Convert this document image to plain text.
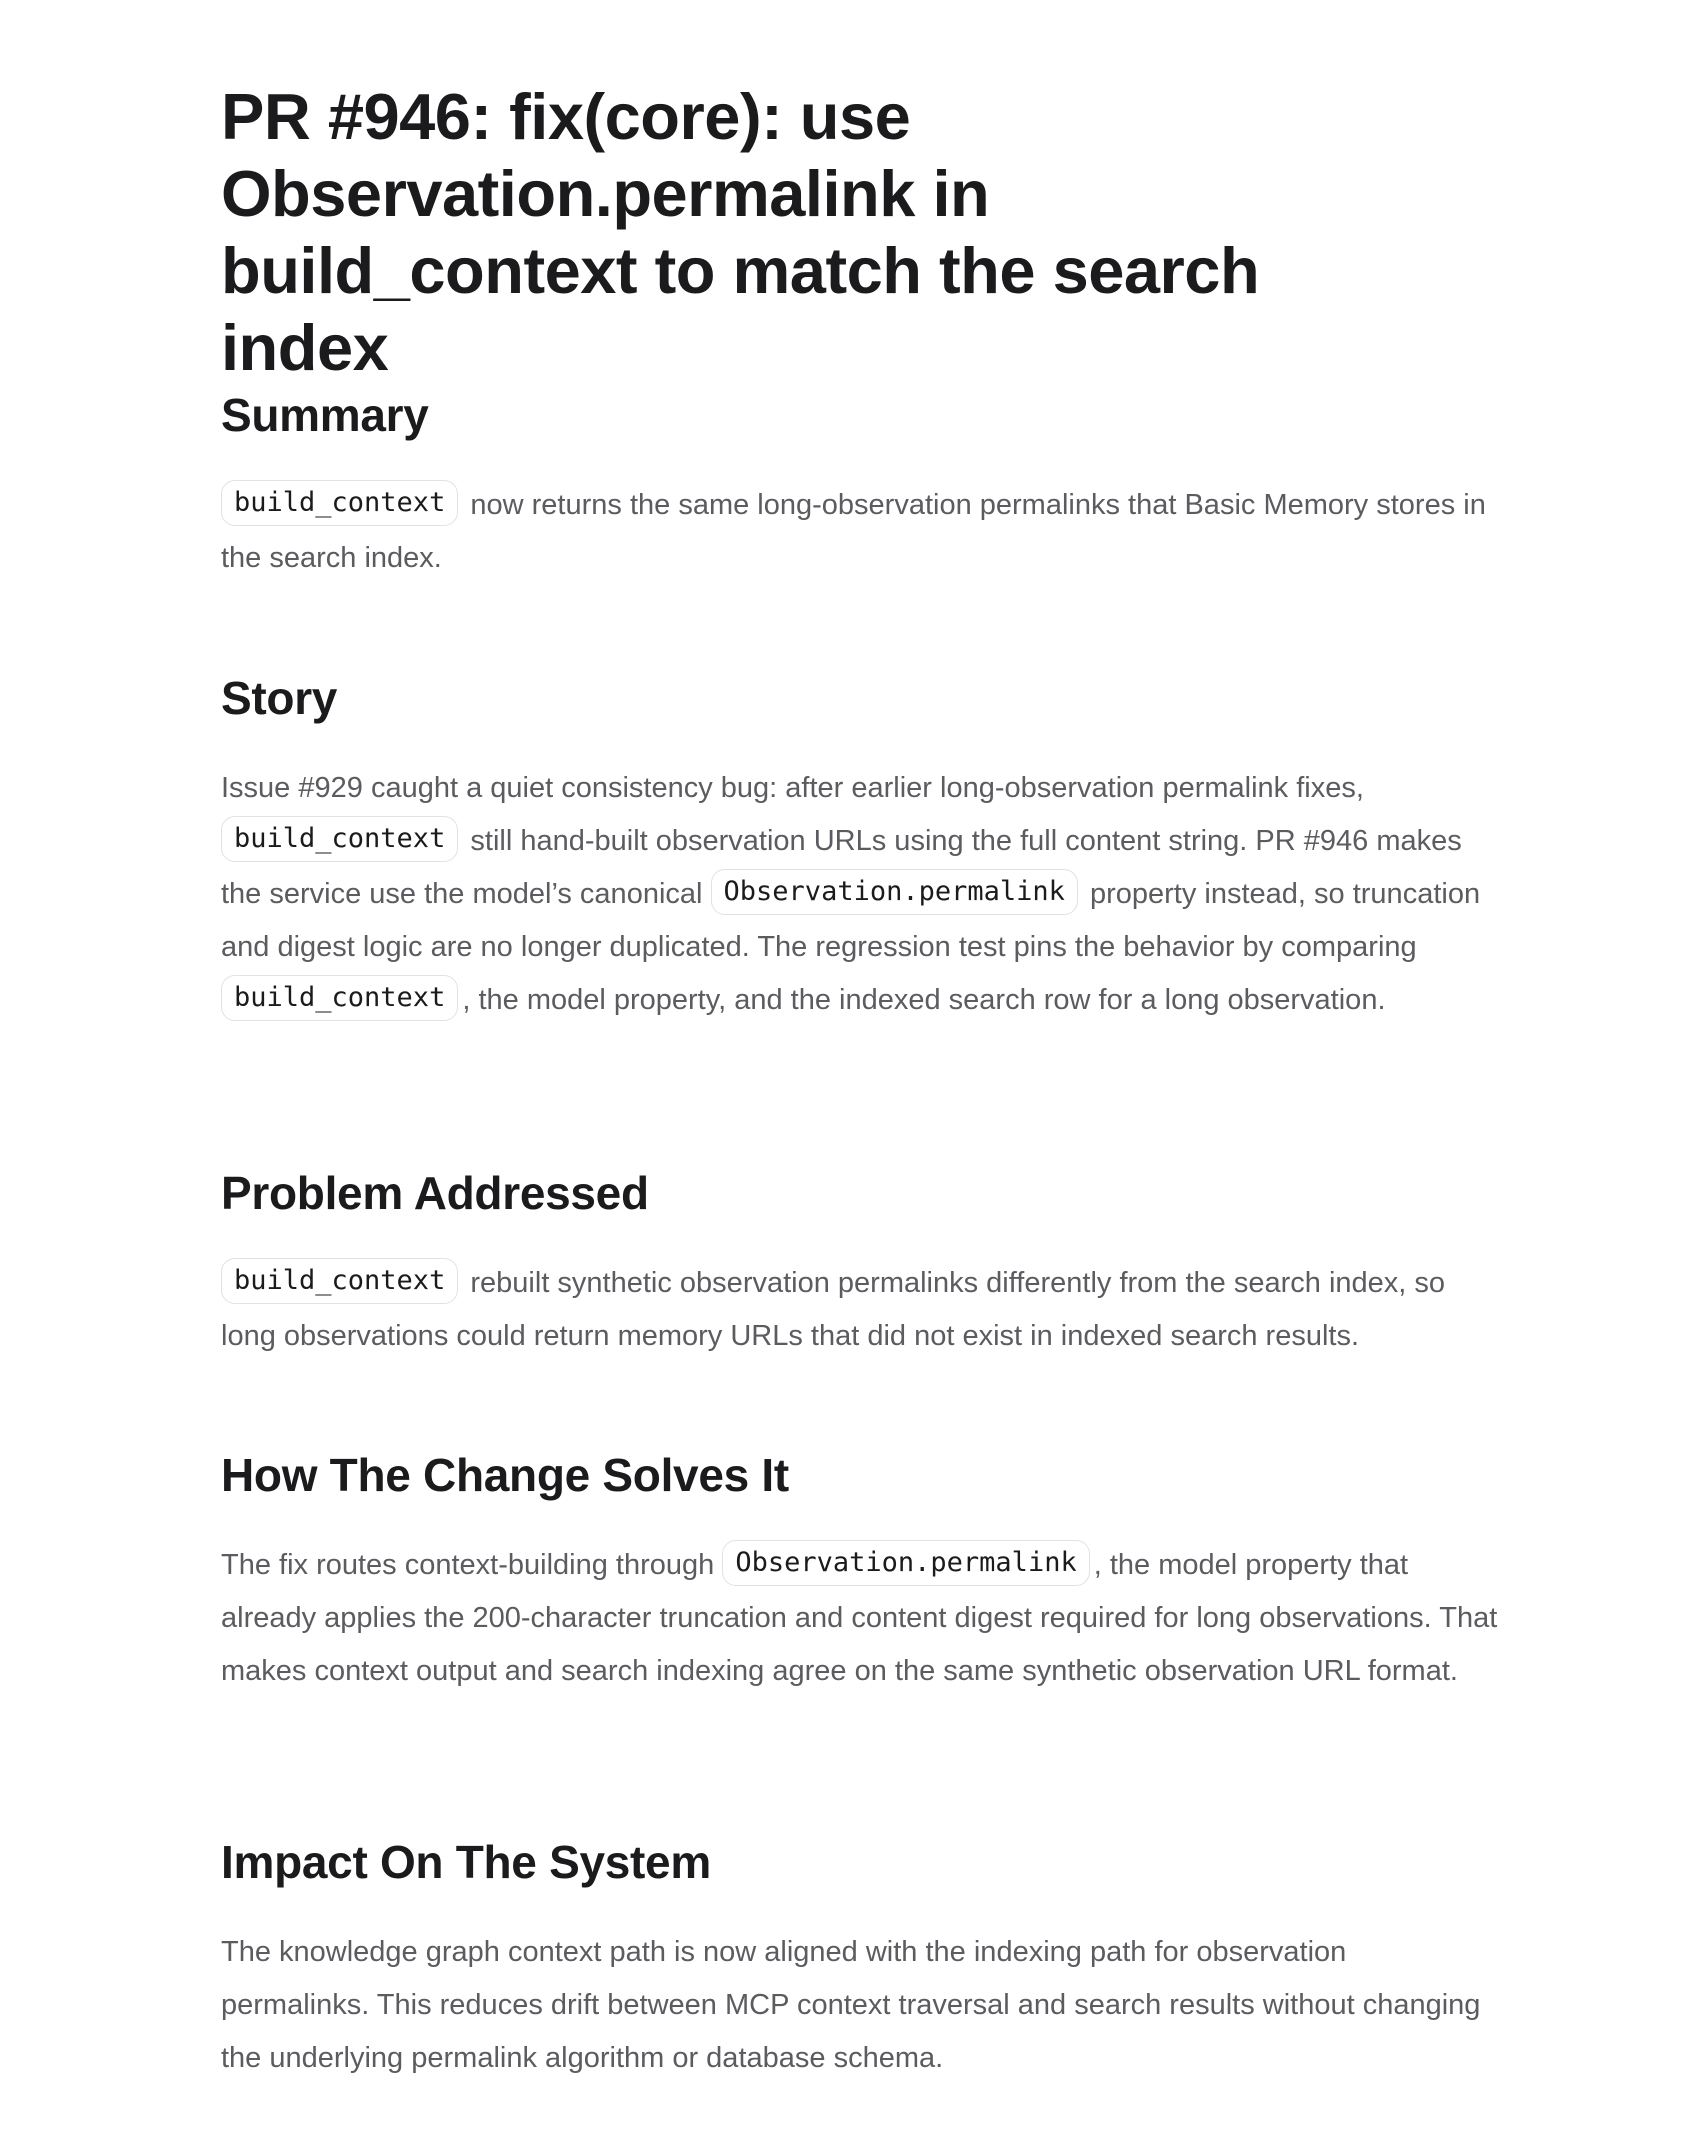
PR #946: fix(core): use Observation.permalink in build_context to match the search index
Summary

build_context now returns the same long-observation permalinks that Basic Memory stores in the search index.

Story

Issue #929 caught a quiet consistency bug: after earlier long-observation permalink fixes, build_context still hand-built observation URLs using the full content string. PR #946 makes the service use the model’s canonical Observation.permalink property instead, so truncation and digest logic are no longer duplicated. The regression test pins the behavior by comparing build_context , the model property, and the indexed search row for a long observation.

Problem Addressed

build_context rebuilt synthetic observation permalinks differently from the search index, so long observations could return memory URLs that did not exist in indexed search results.

How The Change Solves It

The fix routes context-building through Observation.permalink , the model property that already applies the 200-character truncation and content digest required for long observations. That makes context output and search indexing agree on the same synthetic observation URL format.

Impact On The System

The knowledge graph context path is now aligned with the indexing path for observation permalinks. This reduces drift between MCP context traversal and search results without changing the underlying permalink algorithm or database schema.
